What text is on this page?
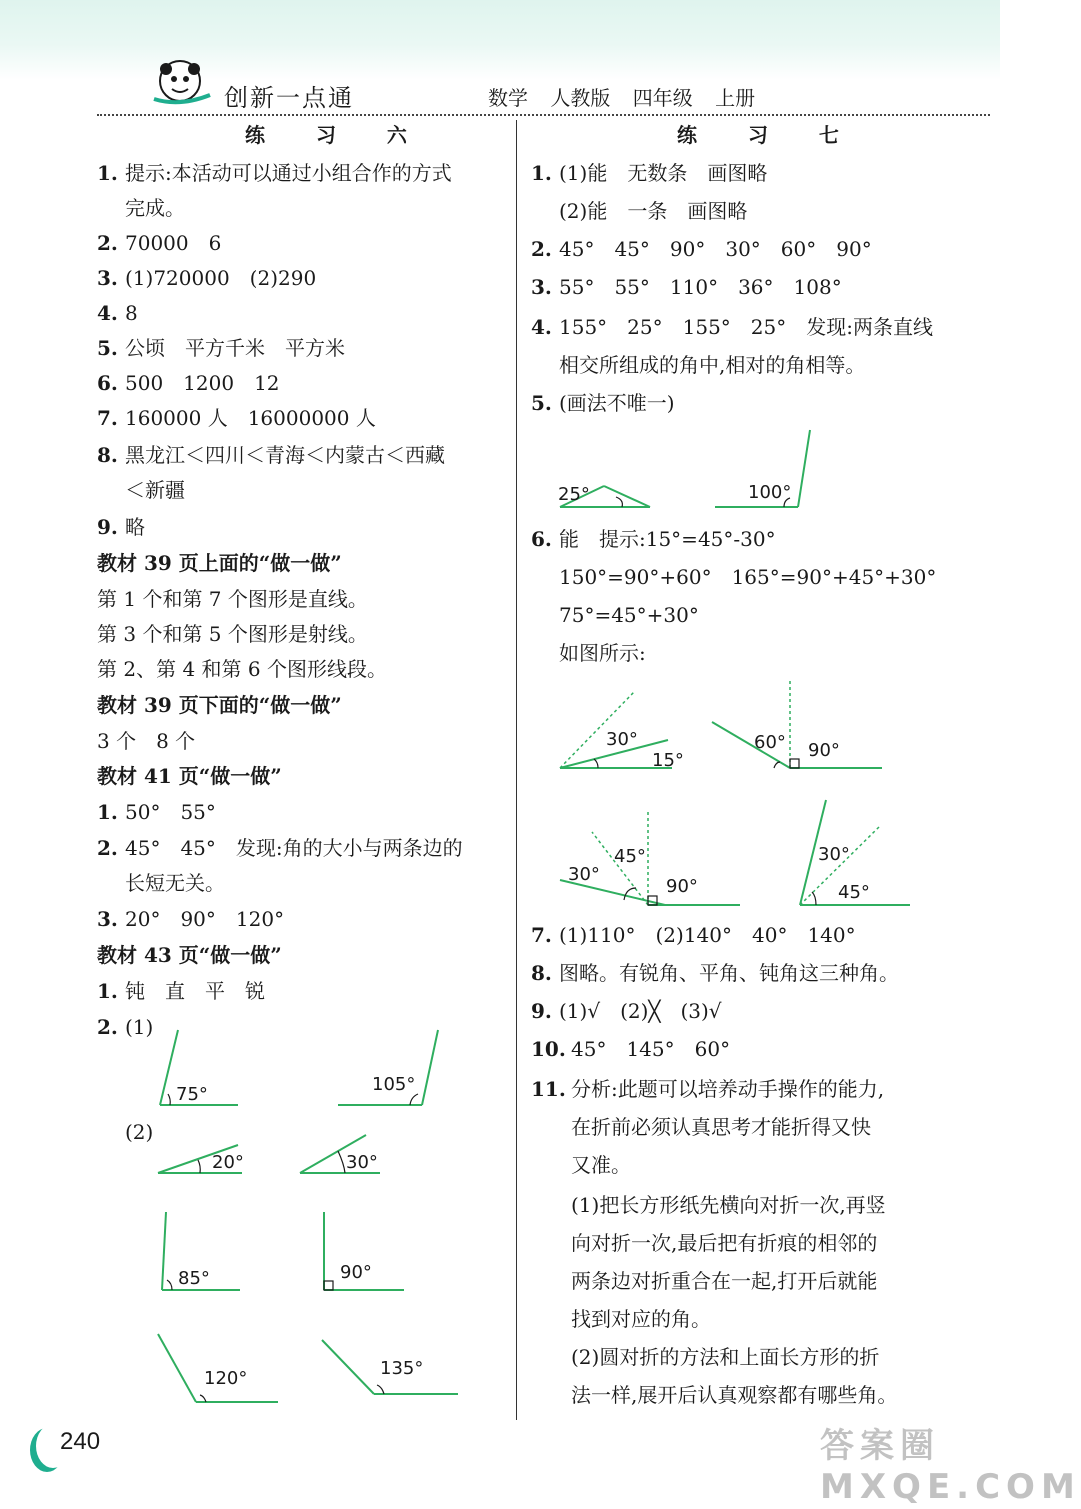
创新一点通	数学 人教版 四年级 上册
练 习 六
1. 提示:本活动可以通过小组合作的方式
完成。
2. 70000　6
3. (1)720000　(2)290
4. 8
5. 公顷　平方千米　平方米
6. 500　1200　12
7. 160000 人　16000000 人
8. 黑龙江＜四川＜青海＜内蒙古＜西藏
＜新疆
9. 略
教材 39 页上面的“做一做”
第 1 个和第 7 个图形是直线。
第 3 个和第 5 个图形是射线。
第 2、第 4 和第 6 个图形线段。
教材 39 页下面的“做一做”
3 个　8 个
教材 41 页“做一做”
1. 50°　55°
2. 45°　45°　发现:角的大小与两条边的
长短无关。
3. 20°　90°　120°
教材 43 页“做一做”
1. 钝　直　平　锐
2. (1)
(2)
75°	105°
20°	30°
85°	90°
120°	135°
练 习 七
1. (1)能　无数条　画图略
(2)能　一条　画图略
2. 45°　45°　90°　30°　60°　90°
3. 55°　55°　110°　36°　108°
4. 155°　25°　155°　25°　发现:两条直线
相交所组成的角中,相对的角相等。
5. (画法不唯一)
6. 能　提示:15°=45°-30°
150°=90°+60°　165°=90°+45°+30°
75°=45°+30°
如图所示:
7. (1)110°　(2)140°　40°　140°
8. 图略。有锐角、平角、钝角这三种角。
9. (1)√　(2)╳　(3)√
10. 45°　145°　60°
11. 分析:此题可以培养动手操作的能力,
在折前必须认真思考才能折得又快
又准。
(1)把长方形纸先横向对折一次,再竖
向对折一次,最后把有折痕的相邻的
两条边对折重合在一起,打开后就能
找到对应的角。
(2)圆对折的方法和上面长方形的折
法一样,展开后认真观察都有哪些角。
25°	100°
30°
15°
60° 90°
45°
30°
90°
30°
45°
240	答案圈 MXQE.COM
